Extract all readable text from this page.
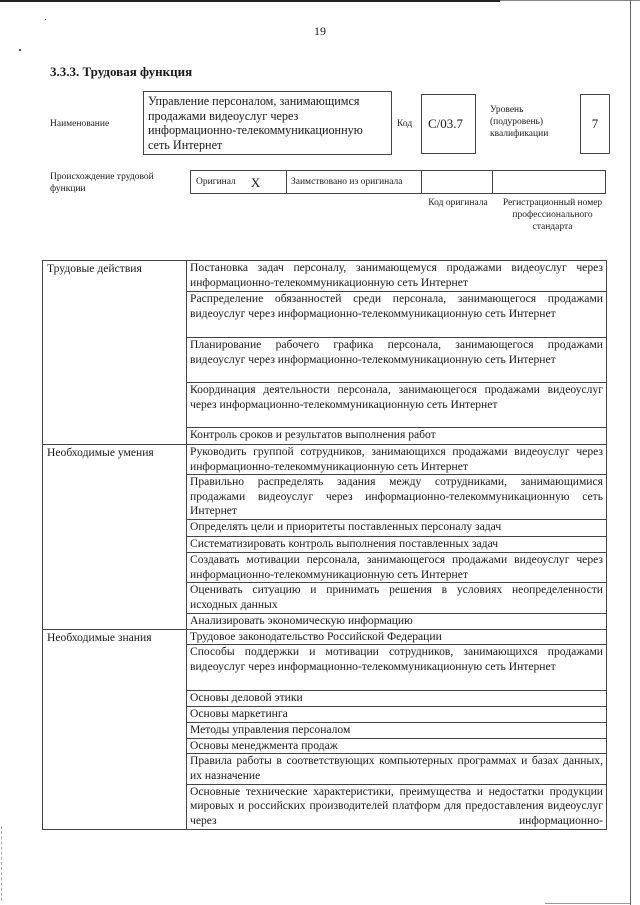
19
3.3.3. Трудовая функция
Наименование
Управление персоналом, занимающимся продажами видеоуслуг через информационно-телекоммуникационную сеть Интернет
Код	C/03.7
Уровень (подуровень) квалификации
7
Происхождение трудовой функции
Оригинал X	Заимствовано из оригинала
Код оригинала Регистрационный номер профессионального стандарта
Трудовые действия	Постановка задач персоналу, занимающемуся продажами видеоуслуг через информационно-телекоммуникационную сеть Интернет
	Распределение обязанностей среди персонала, занимающегося продажами видеоуслуг через информационно-телекоммуникационную сеть Интернет
	Планирование рабочего графика персонала, занимающегося продажами видеоуслуг через информационно-телекоммуникационную сеть Интернет
	Координация деятельности персонала, занимающегося продажами видеоуслуг через информационно-телекоммуникационную сеть Интернет
	Контроль сроков и результатов выполнения работ
Необходимые умения	Руководить группой сотрудников, занимающихся продажами видеоуслуг через информационно-телекоммуникационную сеть Интернет
	Правильно распределять задания между сотрудниками, занимающимися продажами видеоуслуг через информационно-телекоммуникационную сеть Интернет
	Определять цели и приоритеты поставленных персоналу задач
	Систематизировать контроль выполнения поставленных задач
	Создавать мотивации персонала, занимающегося продажами видеоуслуг через информационно-телекоммуникационную сеть Интернет
	Оценивать ситуацию и принимать решения в условиях неопределенности исходных данных
	Анализировать экономическую информацию
Необходимые знания	Трудовое законодательство Российской Федерации
	Способы поддержки и мотивации сотрудников, занимающихся продажами видеоуслуг через информационно-телекоммуникационную сеть Интернет
	Основы деловой этики
	Основы маркетинга
	Методы управления персоналом
	Основы менеджмента продаж
	Правила работы в соответствующих компьютерных программах и базах данных, их назначение
	Основные технические характеристики, преимущества и недостатки продукции мировых и российских производителей платформ для предоставления видеоуслуг через информационно-
